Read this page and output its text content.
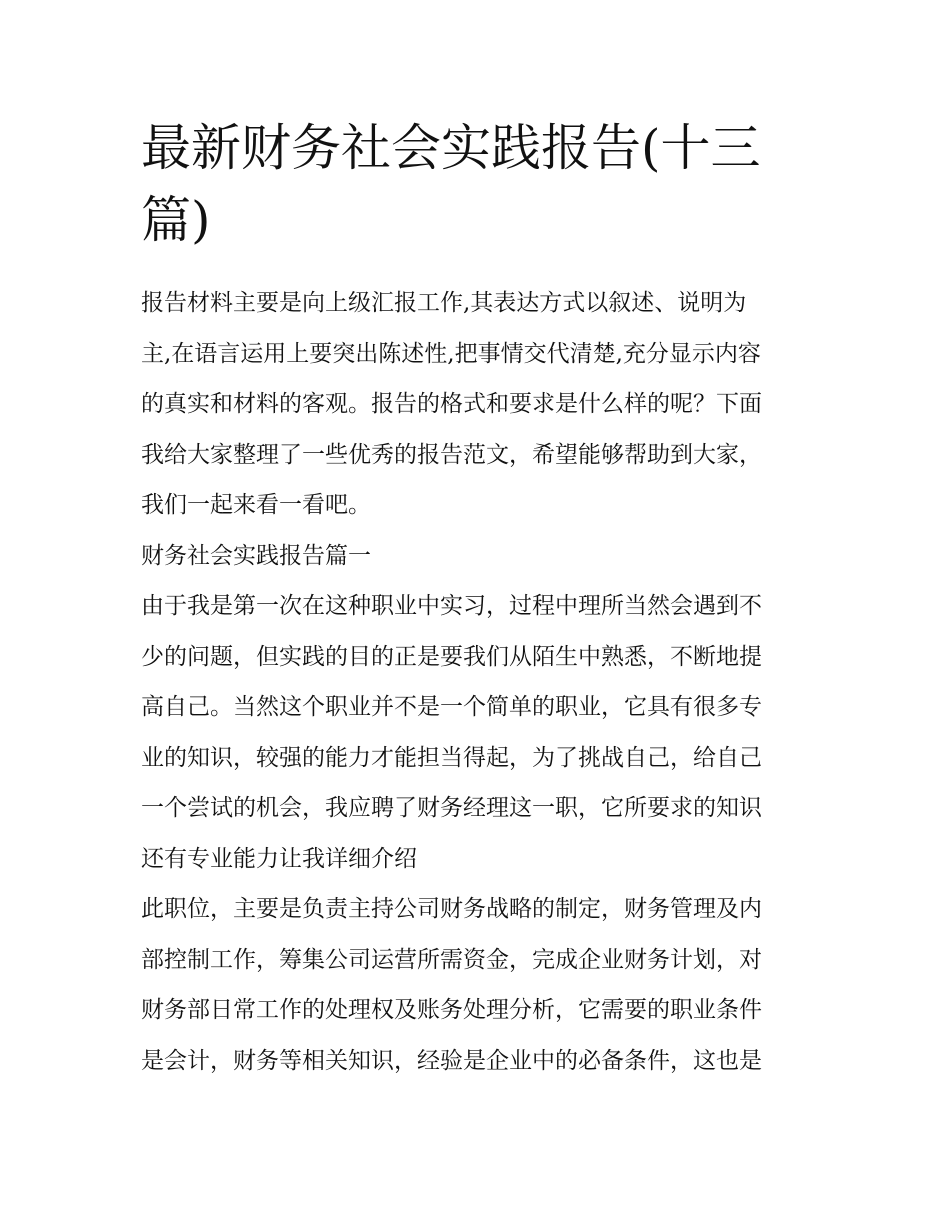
最新财务社会实践报告(十三
篇)

报告材料主要是向上级汇报工作,其表达方式以叙述、说明为
主,在语言运用上要突出陈述性,把事情交代清楚,充分显示内容
的真实和材料的客观。报告的格式和要求是什么样的呢？下面
我给大家整理了一些优秀的报告范文，希望能够帮助到大家，
我们一起来看一看吧。

财务社会实践报告篇一

由于我是第一次在这种职业中实习，过程中理所当然会遇到不
少的问题，但实践的目的正是要我们从陌生中熟悉，不断地提
高自己。当然这个职业并不是一个简单的职业，它具有很多专
业的知识，较强的能力才能担当得起，为了挑战自己，给自己
一个尝试的机会，我应聘了财务经理这一职，它所要求的知识
还有专业能力让我详细介绍

此职位，主要是负责主持公司财务战略的制定，财务管理及内
部控制工作，筹集公司运营所需资金，完成企业财务计划，对
财务部日常工作的处理权及账务处理分析，它需要的职业条件
是会计，财务等相关知识，经验是企业中的必备条件，这也是
